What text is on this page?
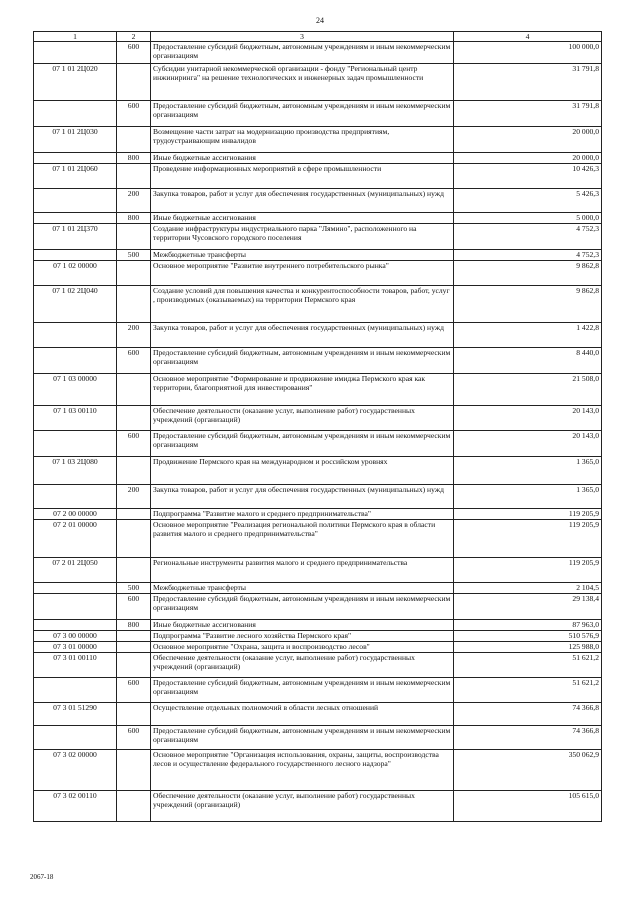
24
1	2	3	4
	600	Предоставление субсидий бюджетным, автономным учреждениям и иным некоммерческим организациям	100 000,0
07 1 01 2Ц020		Субсидии унитарной некоммерческой организации - фонду "Региональный центр инжиниринга" на решение технологических и инженерных задач промышленности	31 791,8
	600	Предоставление субсидий бюджетным, автономным учреждениям и иным некоммерческим организациям	31 791,8
07 1 01 2Ц030		Возмещение части затрат на модернизацию производства предприятиям, трудоустраивающим инвалидов	20 000,0
	800	Иные бюджетные ассигнования	20 000,0
07 1 01 2Ц060		Проведение информационных мероприятий в сфере промышленности	10 426,3
	200	Закупка товаров, работ и услуг для обеспечения государственных (муниципальных) нужд	5 426,3
	800	Иные бюджетные ассигнования	5 000,0
07 1 01 2Ц370		Создание инфраструктуры индустриального парка "Лямино", расположенного на территории Чусовского городского поселения	4 752,3
	500	Межбюджетные трансферты	4 752,3
07 1 02 00000		Основное мероприятие "Развитие внутреннего потребительского рынка"	9 862,8
07 1 02 2Ц040		Создание условий для повышения качества и конкурентоспособности товаров, работ, услуг , производимых (оказываемых) на территории Пермского края	9 862,8
	200	Закупка товаров, работ и услуг для обеспечения государственных (муниципальных) нужд	1 422,8
	600	Предоставление субсидий бюджетным, автономным учреждениям и иным некоммерческим организациям	8 440,0
07 1 03 00000		Основное мероприятие "Формирование и продвижение имиджа Пермского края как территории, благоприятной для инвестирования"	21 508,0
07 1 03 00110		Обеспечение деятельности (оказание услуг, выполнение работ) государственных учреждений (организаций)	20 143,0
	600	Предоставление субсидий бюджетным, автономным учреждениям и иным некоммерческим организациям	20 143,0
07 1 03 2Ц080		Продвижение Пермского края на международном и российском уровнях	1 365,0
	200	Закупка товаров, работ и услуг для обеспечения государственных (муниципальных) нужд	1 365,0
07 2 00 00000		Подпрограмма "Развитие малого и среднего предпринимательства"	119 205,9
07 2 01 00000		Основное мероприятие "Реализация региональной политики Пермского края в области развития малого и среднего предпринимательства"	119 205,9
07 2 01 2Ц050		Региональные инструменты развития малого и среднего предпринимательства	119 205,9
	500	Межбюджетные трансферты	2 104,5
	600	Предоставление субсидий бюджетным, автономным учреждениям и иным некоммерческим организациям	29 138,4
	800	Иные бюджетные ассигнования	87 963,0
07 3 00 00000		Подпрограмма "Развитие лесного хозяйства Пермского края"	510 576,9
07 3 01 00000		Основное мероприятие "Охрана, защита и воспроизводство лесов"	125 988,0
07 3 01 00110		Обеспечение деятельности (оказание услуг, выполнение работ) государственных учреждений (организаций)	51 621,2
	600	Предоставление субсидий бюджетным, автономным учреждениям и иным некоммерческим организациям	51 621,2
07 3 01 51290		Осуществление отдельных полномочий в области лесных отношений	74 366,8
	600	Предоставление субсидий бюджетным, автономным учреждениям и иным некоммерческим организациям	74 366,8
07 3 02 00000		Основное мероприятие "Организация использования, охраны, защиты, воспроизводства лесов и осуществление федерального государственного лесного надзора"	350 062,9
07 3 02 00110		Обеспечение деятельности (оказание услуг, выполнение работ) государственных учреждений (организаций)	105 615,0
2067-18
